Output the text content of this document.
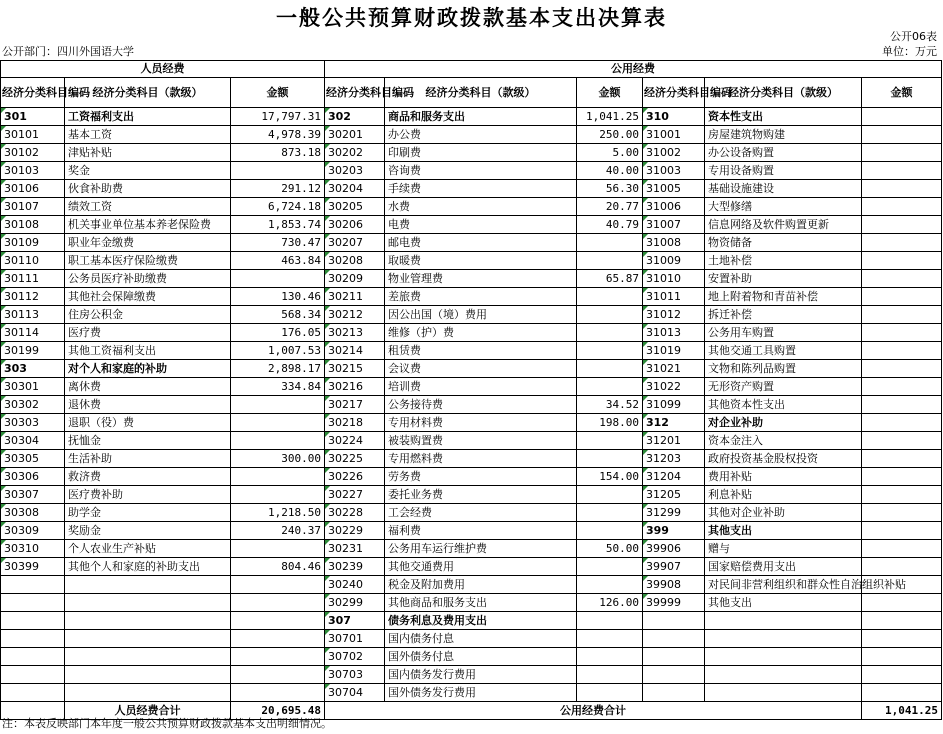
一般公共预算财政拨款基本支出决算表
公开06表
公开部门：四川外国语大学	单位：万元
人员经费			公用经费					
经济分类科目编码	经济分类科目（款级）	金额	经济分类科目编码	经济分类科目（款级）	金额	经济分类科目编码	经济分类科目（款级）	金额
301	工资福利支出	17,797.31	302	商品和服务支出	1,041.25	310	资本性支出	
30101	基本工资	4,978.39	30201	办公费	250.00	31001	房屋建筑物购建	
30102	津贴补贴	873.18	30202	印刷费	5.00	31002	办公设备购置	
30103	奖金		30203	咨询费	40.00	31003	专用设备购置	
30106	伙食补助费	291.12	30204	手续费	56.30	31005	基础设施建设	
30107	绩效工资	6,724.18	30205	水费	20.77	31006	大型修缮	
30108	机关事业单位基本养老保险费	1,853.74	30206	电费	40.79	31007	信息网络及软件购置更新	
30109	职业年金缴费	730.47	30207	邮电费		31008	物资储备	
30110	职工基本医疗保险缴费	463.84	30208	取暖费		31009	土地补偿	
30111	公务员医疗补助缴费		30209	物业管理费	65.87	31010	安置补助	
30112	其他社会保障缴费	130.46	30211	差旅费		31011	地上附着物和青苗补偿	
30113	住房公积金	568.34	30212	因公出国（境）费用		31012	拆迁补偿	
30114	医疗费	176.05	30213	维修（护）费		31013	公务用车购置	
30199	其他工资福利支出	1,007.53	30214	租赁费		31019	其他交通工具购置	
303	对个人和家庭的补助	2,898.17	30215	会议费		31021	文物和陈列品购置	
30301	离休费	334.84	30216	培训费		31022	无形资产购置	
30302	退休费		30217	公务接待费	34.52	31099	其他资本性支出	
30303	退职（役）费		30218	专用材料费	198.00	312	对企业补助	
30304	抚恤金		30224	被装购置费		31201	资本金注入	
30305	生活补助	300.00	30225	专用燃料费		31203	政府投资基金股权投资	
30306	救济费		30226	劳务费	154.00	31204	费用补贴	
30307	医疗费补助		30227	委托业务费		31205	利息补贴	
30308	助学金	1,218.50	30228	工会经费		31299	其他对企业补助	
30309	奖励金	240.37	30229	福利费		399	其他支出	
30310	个人农业生产补贴		30231	公务用车运行维护费	50.00	39906	赠与	
30399	其他个人和家庭的补助支出	804.46	30239	其他交通费用		39907	国家赔偿费用支出	
			30240	税金及附加费用		39908	对民间非营利组织和群众性自治组织补贴	
			30299	其他商品和服务支出	126.00	39999	其他支出	
			307	债务利息及费用支出				
			30701	国内债务付息				
			30702	国外债务付息				
			30703	国内债务发行费用				
			30704	国外债务发行费用				
	人员经费合计	20,695.48	公用经费合计					1,041.25
注：本表反映部门本年度一般公共预算财政拨款基本支出明细情况。
